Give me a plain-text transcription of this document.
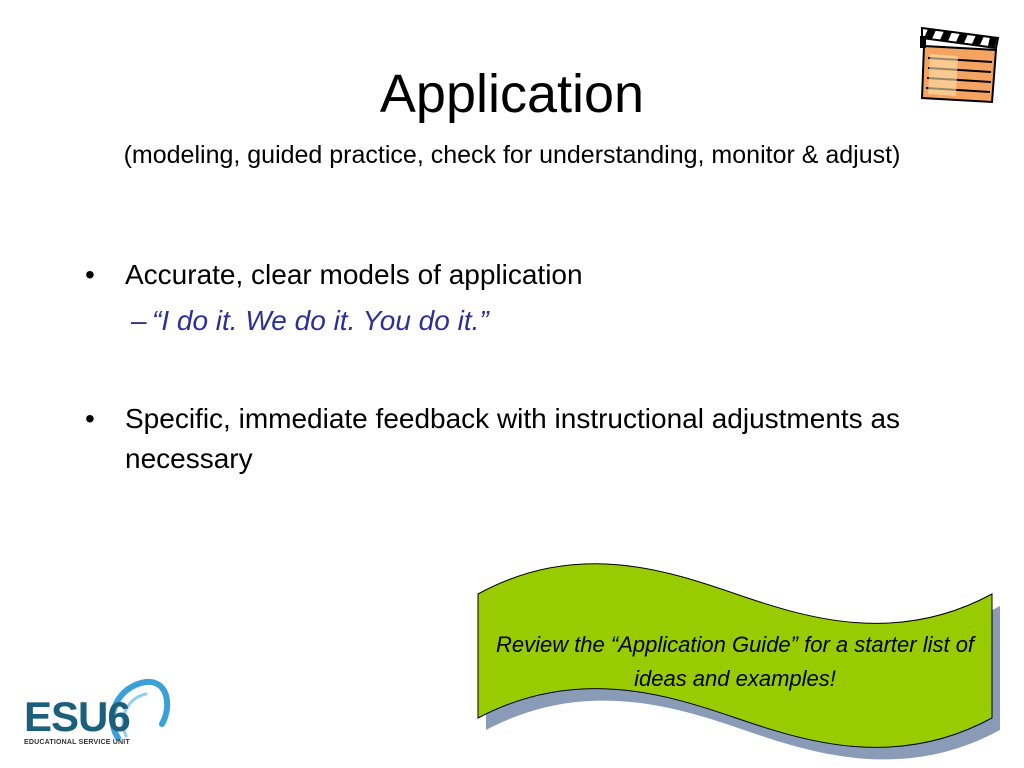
Application
(modeling, guided practice, check for understanding, monitor & adjust)
• Accurate, clear models of application
– “I do it. We do it. You do it.”
• Specific, immediate feedback with instructional adjustments as necessary
Review the “Application Guide” for a starter list of ideas and examples!
ESU6
EDUCATIONAL SERVICE UNIT
